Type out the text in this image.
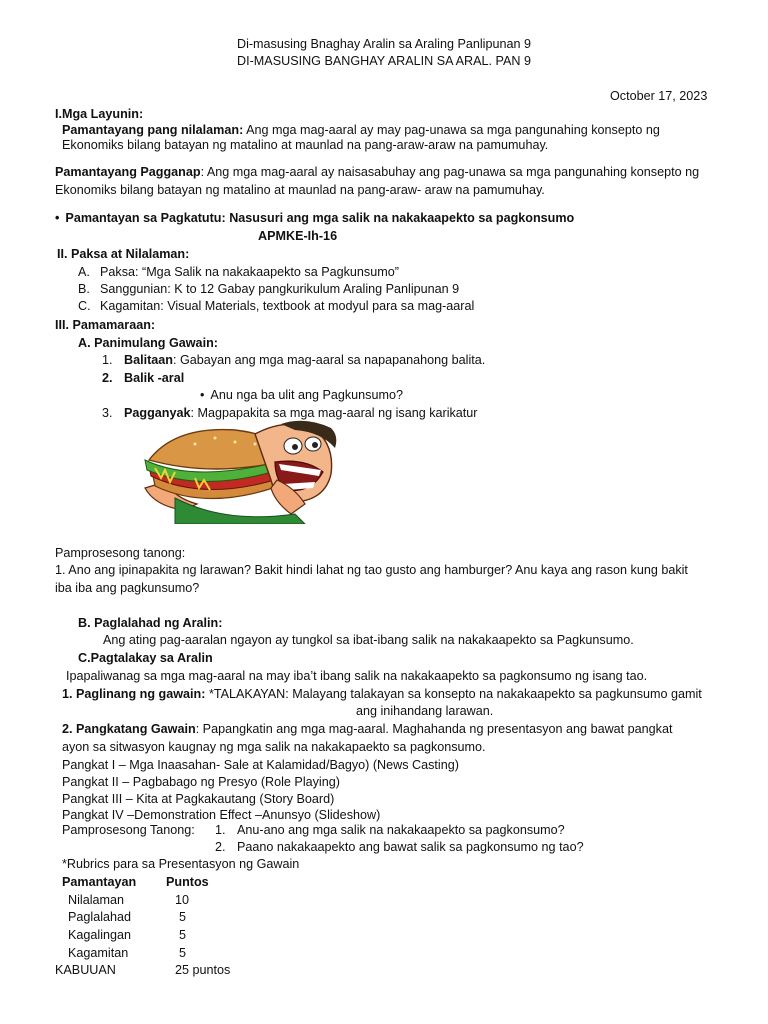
Di-masusing Bnaghay Aralin sa Araling Panlipunan 9
DI-MASUSING BANGHAY ARALIN SA ARAL. PAN 9
October 17, 2023
I.Mga Layunin:
Pamantayang pang nilalaman: Ang mga mag-aaral ay may pag-unawa sa mga pangunahing konsepto ng
Ekonomiks bilang batayan ng matalino at maunlad na pang-araw-araw na pamumuhay.
Pamantayang Pagganap: Ang mga mag-aaral ay naisasabuhay ang pag-unawa sa mga pangunahing konsepto ng
Ekonomiks bilang batayan ng matalino at maunlad na pang-araw- araw na pamumuhay.
• Pamantayan sa Pagkatutu: Nasusuri ang mga salik na nakakaapekto sa pagkonsumo
APMKE-Ih-16
II. Paksa at Nilalaman:
A. Paksa: “Mga Salik na nakakaapekto sa Pagkunsumo”
B. Sanggunian: K to 12 Gabay pangkurikulum Araling Panlipunan 9
C. Kagamitan: Visual Materials, textbook at modyul para sa mag-aaral
III. Pamamaraan:
A. Panimulang Gawain:
1. Balitaan: Gabayan ang mga mag-aaral sa napapanahong balita.
2. Balik -aral
• Anu nga ba ulit ang Pagkunsumo?
3. Pagganyak: Magpapakita sa mga mag-aaral ng isang karikatur
Pamprosesong tanong:
1. Ano ang ipinapakita ng larawan? Bakit hindi lahat ng tao gusto ang hamburger? Anu kaya ang rason kung bakit
iba iba ang pagkunsumo?
B. Paglalahad ng Aralin:
Ang ating pag-aaralan ngayon ay tungkol sa ibat-ibang salik na nakakaapekto sa Pagkunsumo.
C.Pagtalakay sa Aralin
Ipapaliwanag sa mga mag-aaral na may iba’t ibang salik na nakakaapekto sa pagkonsumo ng isang tao.
1. Paglinang ng gawain: *TALAKAYAN: Malayang talakayan sa konsepto na nakakaapekto sa pagkunsumo gamit
ang inihandang larawan.
2. Pangkatang Gawain: Papangkatin ang mga mag-aaral. Maghahanda ng presentasyon ang bawat pangkat
ayon sa sitwasyon kaugnay ng mga salik na nakakapaekto sa pagkonsumo.
Pangkat I – Mga Inaasahan- Sale at Kalamidad/Bagyo) (News Casting)
Pangkat II – Pagbabago ng Presyo (Role Playing)
Pangkat III – Kita at Pagkakautang (Story Board)
Pangkat IV –Demonstration Effect –Anunsyo (Slideshow)
Pamprosesong Tanong: 1. Anu-ano ang mga salik na nakakaapekto sa pagkonsumo?
2. Paano nakakaapekto ang bawat salik sa pagkonsumo ng tao?
*Rubrics para sa Presentasyon ng Gawain
Pamantayan Puntos
Nilalaman	10
Paglalahad	5
Kagalingan	5
Kagamitan	5
KABUUAN	25 puntos
